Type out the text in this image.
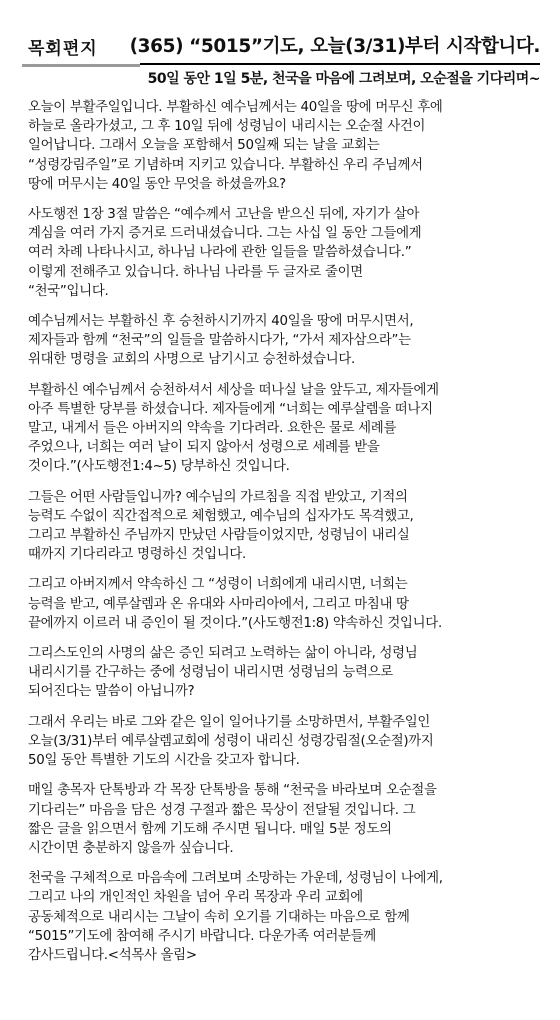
목회편지 (365) “5015”기도, 오늘(3/31)부터 시작합니다.
50일 동안 1일 5분, 천국을 마음에 그려보며, 오순절을 기다리며~

오늘이 부활주일입니다. 부활하신 예수님께서는 40일을 땅에 머무신 후에
하늘로 올라가셨고, 그 후 10일 뒤에 성령님이 내리시는 오순절 사건이
일어납니다. 그래서 오늘을 포함해서 50일째 되는 날을 교회는
“성령강림주일”로 기념하며 지키고 있습니다. 부활하신 우리 주님께서
땅에 머무시는 40일 동안 무엇을 하셨을까요?

사도행전 1장 3절 말씀은 “예수께서 고난을 받으신 뒤에, 자기가 살아
계심을 여러 가지 증거로 드러내셨습니다. 그는 사십 일 동안 그들에게
여러 차례 나타나시고, 하나님 나라에 관한 일들을 말씀하셨습니다.”
이렇게 전해주고 있습니다. 하나님 나라를 두 글자로 줄이면
“천국”입니다.

예수님께서는 부활하신 후 승천하시기까지 40일을 땅에 머무시면서,
제자들과 함께 “천국”의 일들을 말씀하시다가, “가서 제자삼으라”는
위대한 명령을 교회의 사명으로 남기시고 승천하셨습니다.

부활하신 예수님께서 승천하셔서 세상을 떠나실 날을 앞두고, 제자들에게
아주 특별한 당부를 하셨습니다. 제자들에게 “너희는 예루살렘을 떠나지
말고, 내게서 들은 아버지의 약속을 기다려라. 요한은 물로 세례를
주었으나, 너희는 여러 날이 되지 않아서 성령으로 세례를 받을
것이다.”(사도행전1:4~5) 당부하신 것입니다.

그들은 어떤 사람들입니까? 예수님의 가르침을 직접 받았고, 기적의
능력도 수없이 직간접적으로 체험했고, 예수님의 십자가도 목격했고,
그리고 부활하신 주님까지 만났던 사람들이었지만, 성령님이 내리실
때까지 기다리라고 명령하신 것입니다.

그리고 아버지께서 약속하신 그 “성령이 너희에게 내리시면, 너희는
능력을 받고, 예루살렘과 온 유대와 사마리아에서, 그리고 마침내 땅
끝에까지 이르러 내 증인이 될 것이다.”(사도행전1:8) 약속하신 것입니다.

그리스도인의 사명의 삶은 증인 되려고 노력하는 삶이 아니라, 성령님
내리시기를 간구하는 중에 성령님이 내리시면 성령님의 능력으로
되어진다는 말씀이 아닙니까?

그래서 우리는 바로 그와 같은 일이 일어나기를 소망하면서, 부활주일인
오늘(3/31)부터 예루살렘교회에 성령이 내리신 성령강림절(오순절)까지
50일 동안 특별한 기도의 시간을 갖고자 합니다.

매일 총목자 단톡방과 각 목장 단톡방을 통해 “천국을 바라보며 오순절을
기다리는” 마음을 담은 성경 구절과 짧은 묵상이 전달될 것입니다. 그
짧은 글을 읽으면서 함께 기도해 주시면 됩니다. 매일 5분 정도의
시간이면 충분하지 않을까 싶습니다.

천국을 구체적으로 마음속에 그려보며 소망하는 가운데, 성령님이 나에게,
그리고 나의 개인적인 차원을 넘어 우리 목장과 우리 교회에
공동체적으로 내리시는 그날이 속히 오기를 기대하는 마음으로 함께
“5015”기도에 참여해 주시기 바랍니다. 다운가족 여러분들께
감사드립니다.<석목사 올림>
